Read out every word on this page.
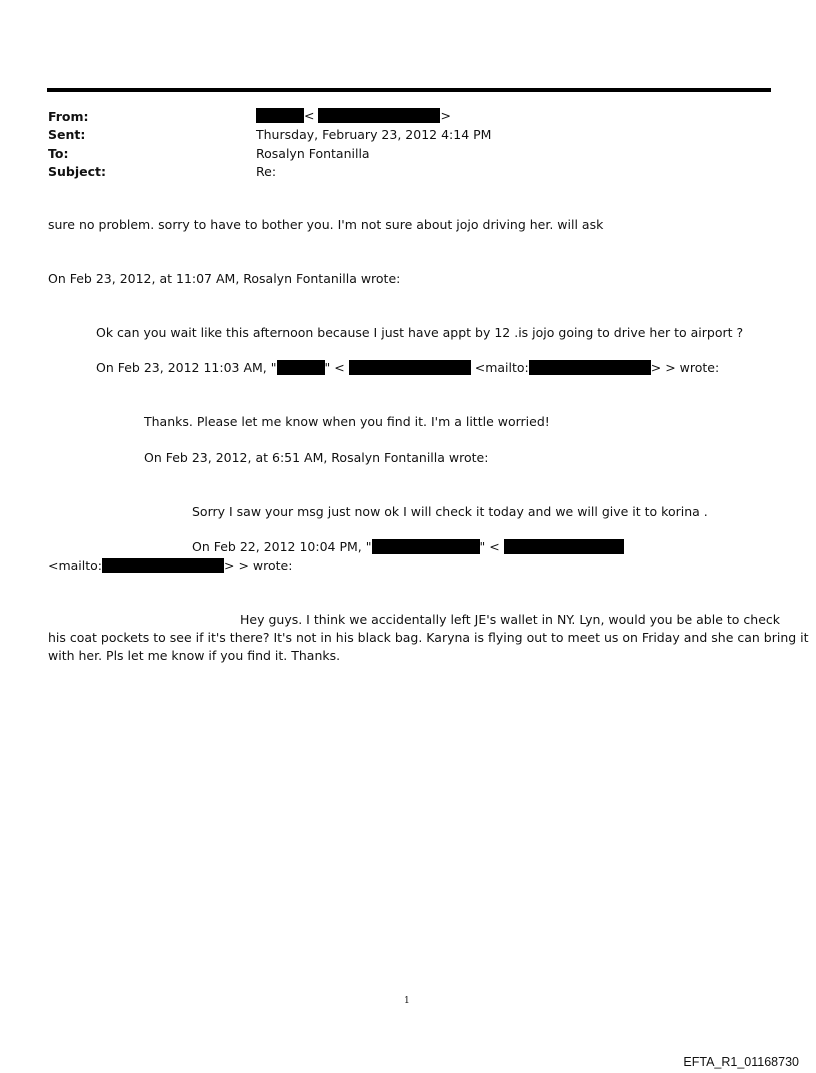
From:	<	>
Sent:	Thursday, February 23, 2012 4:14 PM
To:	Rosalyn Fontanilla
Subject:	Re:
sure no problem. sorry to have to bother you. I'm not sure about jojo driving her. will ask
On Feb 23, 2012, at 11:07 AM, Rosalyn Fontanilla wrote:
Ok can you wait like this afternoon because I just have appt by 12 .is jojo going to drive her to airport ?
On Feb 23, 2012 11:03 AM, "	" <	<mailto:	> > wrote:
Thanks. Please let me know when you find it. I'm a little worried!
On Feb 23, 2012, at 6:51 AM, Rosalyn Fontanilla wrote:
Sorry I saw your msg just now ok I will check it today and we will give it to korina .
On Feb 22, 2012 10:04 PM, "	" <
<mailto:	> > wrote:
Hey guys. I think we accidentally left JE's wallet in NY. Lyn, would you be able to check
his coat pockets to see if it's there? It's not in his black bag. Karyna is flying out to meet us on Friday and she can bring it
with her. Pls let me know if you find it. Thanks.
1
EFTA_R1_01168730
